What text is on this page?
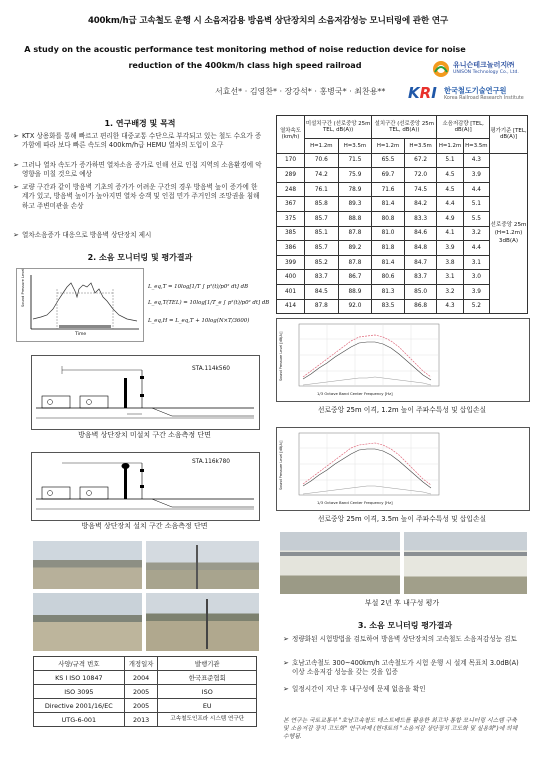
400km/h급 고속철도 운행 시 소음저감용 방음벽 상단장치의 소음저감성능 모니터링에 관한 연구
A study on the acoustic performance test monitoring method of noise reduction device for noise
reduction of the 400km/h class high speed railroad
서효선* · 김영찬* · 장강석* · 홍병국* · 최찬용**
유니슨테크놀러지㈜
UNISON Technology Co., Ltd.
KRI 한국철도기술연구원
Korea Railroad Research Institute
1. 연구배경 및 목적
➢ KTX 상용화를 통해 빠르고 편리한 대중교통 수단으로 부각되고 있는 철도 수요가 증가함에 따라 보다 빠른 속도의 400km/h급 HEMU 열차의 도입이 요구
➢ 그러나 열차 속도가 증가하면 열차소음 증가로 인해 선로 인접 지역의 소음환경에 악영향을 미칠 것으로 예상
➢ 교량 구간과 같이 방음벽 기초의 증가가 어려운 구간의 경우 방음벽 높이 증가에 한계가 있고, 방음벽 높이가 높아지면 열차 승객 및 인접 민가 주거인의 조망권을 침해하고 주변미관을 손상
➢ 열차소음증가 대응으로 방음벽 상단장치 제시
2. 소음 모니터링 및 평가결과
Sound Pressure Level
Time
L_eq,T = 10log[1/T ∫ p²(t)/p0² dt] dB
L_eq,T(TEL) = 10log[1/T_e ∫ p²(t)/p0² dt] dB
L_eq,H = L_eq,T + 10log(N×T/3600)
STA.114k560
방음벽 상단장치 미설치 구간 소음측정 단면
STA.116k780
방음벽 상단장치 설치 구간 소음측정 단면
사양/규격 번호	개정일자	발행기관
KS I ISO 10847	2004	한국표준협회
ISO 3095	2005	ISO
Directive 2001/16/EC	2005	EU
UTG-6-001	2013	고속철도인프라 시스템 연구단
열차속도 (km/h)	미설치구간 (선로중앙 25m TEL, dB(A))		설치구간 (선로중앙 25m TEL, dB(A))		소음저감량 [TEL, dB(A)]		평가기준 [TEL, dB(A)]
	H=1.2m	H=3.5m	H=1.2m	H=3.5m	H=1.2m	H=3.5m	
170	70.6	71.5	65.5	67.2	5.1	4.3	선로중앙 25m (H=1.2m) 3dB(A)
289	74.2	75.9	69.7	72.0	4.5	3.9	
248	76.1	78.9	71.6	74.5	4.5	4.4	
367	85.8	89.3	81.4	84.2	4.4	5.1	
375	85.7	88.8	80.8	83.3	4.9	5.5	
385	85.1	87.8	81.0	84.6	4.1	3.2	
386	85.7	89.2	81.8	84.8	3.9	4.4	
399	85.2	87.8	81.4	84.7	3.8	3.1	
400	83.7	86.7	80.6	83.7	3.1	3.0	
401	84.5	88.9	81.3	85.0	3.2	3.9	
414	87.8	92.0	83.5	86.8	4.3	5.2	
Sound Pressure Level [dB(A)]
1/3 Octave Band Center Frequency [Hz]
선로중앙 25m 이격, 1.2m 높이 주파수특성 및 삽입손실
Sound Pressure Level [dB(A)]
1/3 Octave Band Center Frequency [Hz]
선로중앙 25m 이격, 3.5m 높이 주파수특성 및 삽입손실
부설 2년 후 내구성 평가
3. 소음 모니터링 평가결과
➢ 정량화된 시험방법을 검토하여 방음벽 상단장치의 고속철도 소음저감성능 검토
➢ 호남고속철도 300~400km/h 고속철도가 시험 운행 시 설계 목표치 3.0dB(A) 이상 소음저감 성능을 갖는 것을 입증
➢ 일정시간이 지난 후 내구성에 문제 없음을 확인
본 연구는 국토교통부 "호남고속철도 테스트베드를 활용한 최고차 통합 모니터링 시스템 구축 및 소음저감 장치 고도화" 연구과제 (현대토의 "소음저감 상단장치 고도화 및 실용화")에 의해 수행됨.
